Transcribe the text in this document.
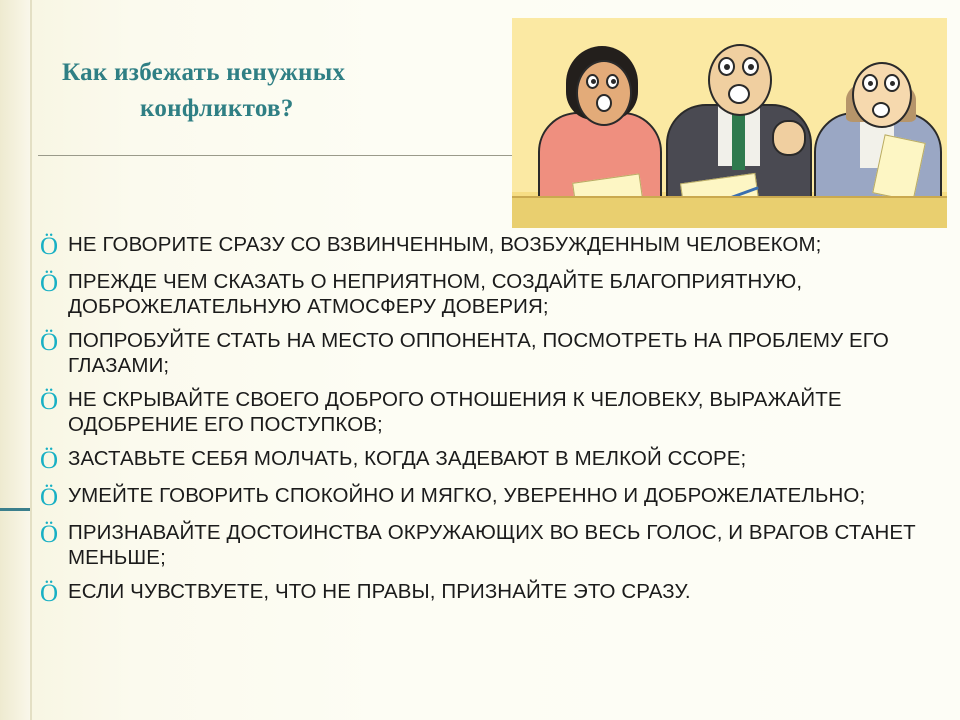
Как избежать ненужных
конфликтов?
Ö НЕ ГОВОРИТЕ СРАЗУ СО ВЗВИНЧЕННЫМ, ВОЗБУЖДЕННЫМ ЧЕЛОВЕКОМ;
Ö ПРЕЖДЕ ЧЕМ СКАЗАТЬ О НЕПРИЯТНОМ, СОЗДАЙТЕ БЛАГОПРИЯТНУЮ, ДОБРОЖЕЛАТЕЛЬНУЮ АТМОСФЕРУ ДОВЕРИЯ;
Ö ПОПРОБУЙТЕ СТАТЬ НА МЕСТО ОППОНЕНТА, ПОСМОТРЕТЬ НА ПРОБЛЕМУ ЕГО ГЛАЗАМИ;
Ö НЕ СКРЫВАЙТЕ СВОЕГО ДОБРОГО ОТНОШЕНИЯ К ЧЕЛОВЕКУ, ВЫРАЖАЙТЕ ОДОБРЕНИЕ ЕГО ПОСТУПКОВ;
Ö ЗАСТАВЬТЕ СЕБЯ МОЛЧАТЬ, КОГДА ЗАДЕВАЮТ В МЕЛКОЙ ССОРЕ;
Ö УМЕЙТЕ ГОВОРИТЬ СПОКОЙНО И МЯГКО, УВЕРЕННО И ДОБРОЖЕЛАТЕЛЬНО;
Ö ПРИЗНАВАЙТЕ ДОСТОИНСТВА ОКРУЖАЮЩИХ ВО ВЕСЬ ГОЛОС, И ВРАГОВ СТАНЕТ МЕНЬШЕ;
Ö ЕСЛИ ЧУВСТВУЕТЕ, ЧТО НЕ ПРАВЫ, ПРИЗНАЙТЕ ЭТО СРАЗУ.
